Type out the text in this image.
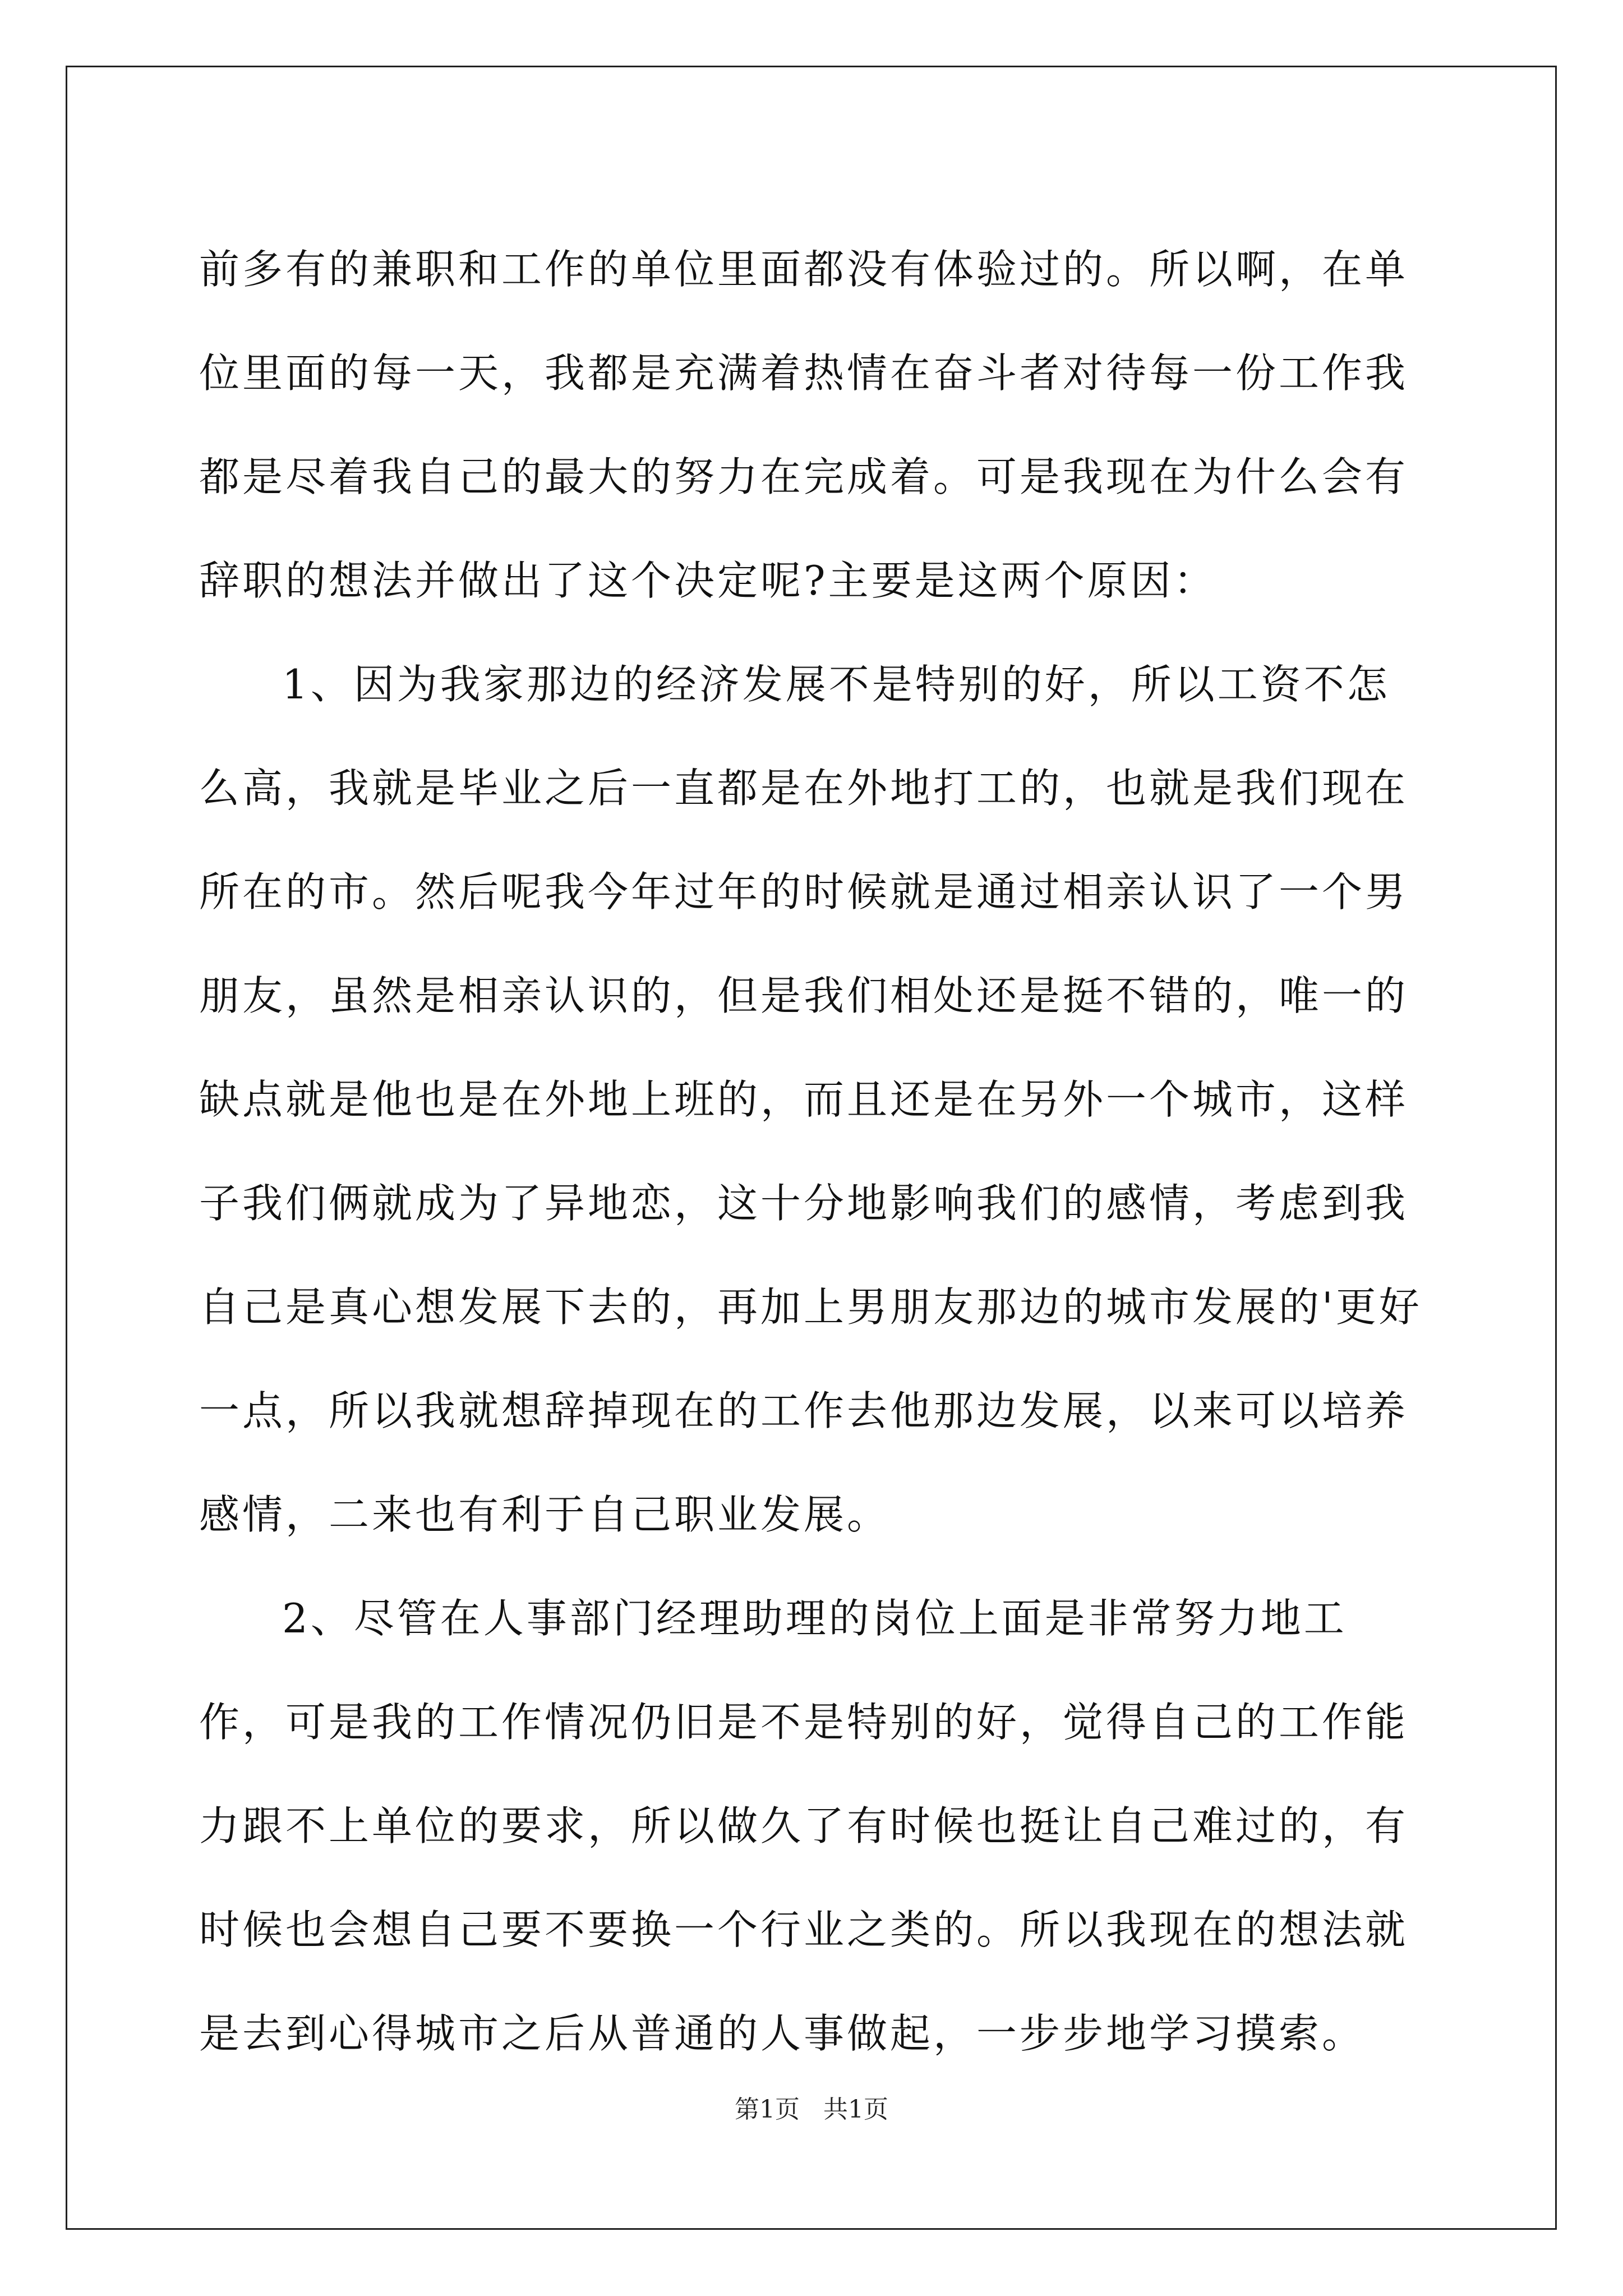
前多有的兼职和工作的单位里面都没有体验过的。所以啊，在单位里面的每一天，我都是充满着热情在奋斗者对待每一份工作我都是尽着我自己的最大的努力在完成着。可是我现在为什么会有辞职的想法并做出了这个决定呢?主要是这两个原因：

1、因为我家那边的经济发展不是特别的好，所以工资不怎么高，我就是毕业之后一直都是在外地打工的，也就是我们现在所在的市。然后呢我今年过年的时候就是通过相亲认识了一个男朋友，虽然是相亲认识的，但是我们相处还是挺不错的，唯一的缺点就是他也是在外地上班的，而且还是在另外一个城市，这样子我们俩就成为了异地恋，这十分地影响我们的感情，考虑到我自己是真心想发展下去的，再加上男朋友那边的城市发展的'更好一点，所以我就想辞掉现在的工作去他那边发展，以来可以培养感情，二来也有利于自己职业发展。

2、尽管在人事部门经理助理的岗位上面是非常努力地工作，可是我的工作情况仍旧是不是特别的好，觉得自己的工作能力跟不上单位的要求，所以做久了有时候也挺让自己难过的，有时候也会想自己要不要换一个行业之类的。所以我现在的想法就是去到心得城市之后从普通的人事做起，一步步地学习摸索。

第1页   共1页
